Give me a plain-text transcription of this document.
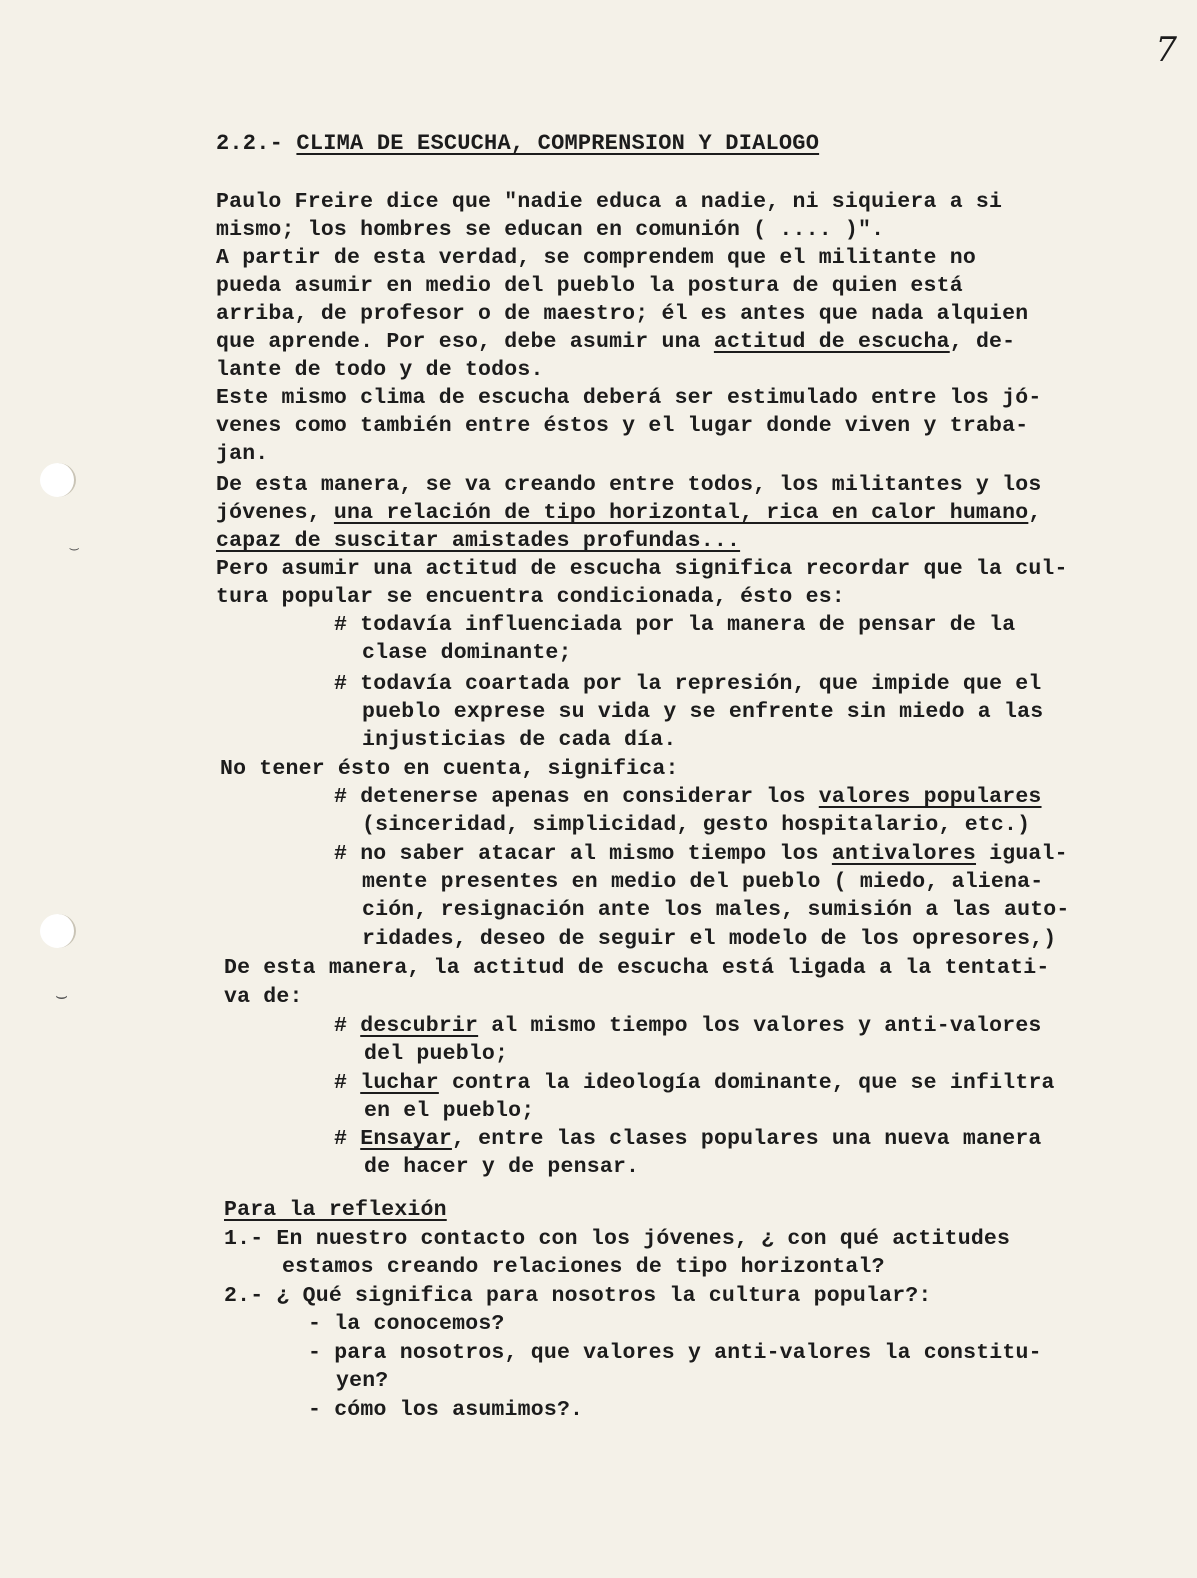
7
⌣
‿
2.2.- CLIMA DE ESCUCHA, COMPRENSION Y DIALOGO
Paulo Freire dice que "nadie educa a nadie, ni siquiera a si
mismo; los hombres se educan en comunión ( .... )".
A partir de esta verdad, se comprendem que el militante no
pueda asumir en medio del pueblo la postura de quien está
arriba, de profesor o de maestro; él es antes que nada alquien
que aprende. Por eso, debe asumir una actitud de escucha, de-
lante de todo y de todos.
Este mismo clima de escucha deberá ser estimulado entre los jó-
venes como también entre éstos y el lugar donde viven y traba-
jan.
De esta manera, se va creando entre todos, los militantes y los
jóvenes, una relación de tipo horizontal, rica en calor humano,
capaz de suscitar amistades profundas...
Pero asumir una actitud de escucha significa recordar que la cul-
tura popular se encuentra condicionada, ésto es:
# todavía influenciada por la manera de pensar de la
clase dominante;
# todavía coartada por la represión, que impide que el
pueblo exprese su vida y se enfrente sin miedo a las
injusticias de cada día.
No tener ésto en cuenta, significa:
# detenerse apenas en considerar los valores populares
(sinceridad, simplicidad, gesto hospitalario, etc.)
# no saber atacar al mismo tiempo los antivalores igual-
mente presentes en medio del pueblo ( miedo, aliena-
ción, resignación ante los males, sumisión a las auto-
ridades, deseo de seguir el modelo de los opresores,)
De esta manera, la actitud de escucha está ligada a la tentati-
va de:
# descubrir al mismo tiempo los valores y anti-valores
del pueblo;
# luchar contra la ideología dominante, que se infiltra
en el pueblo;
# Ensayar, entre las clases populares una nueva manera
de hacer y de pensar.
Para la reflexión
1.- En nuestro contacto con los jóvenes, ¿ con qué actitudes
estamos creando relaciones de tipo horizontal?
2.- ¿ Qué significa para nosotros la cultura popular?:
- la conocemos?
- para nosotros, que valores y anti-valores la constitu-
yen?
- cómo los asumimos?.
